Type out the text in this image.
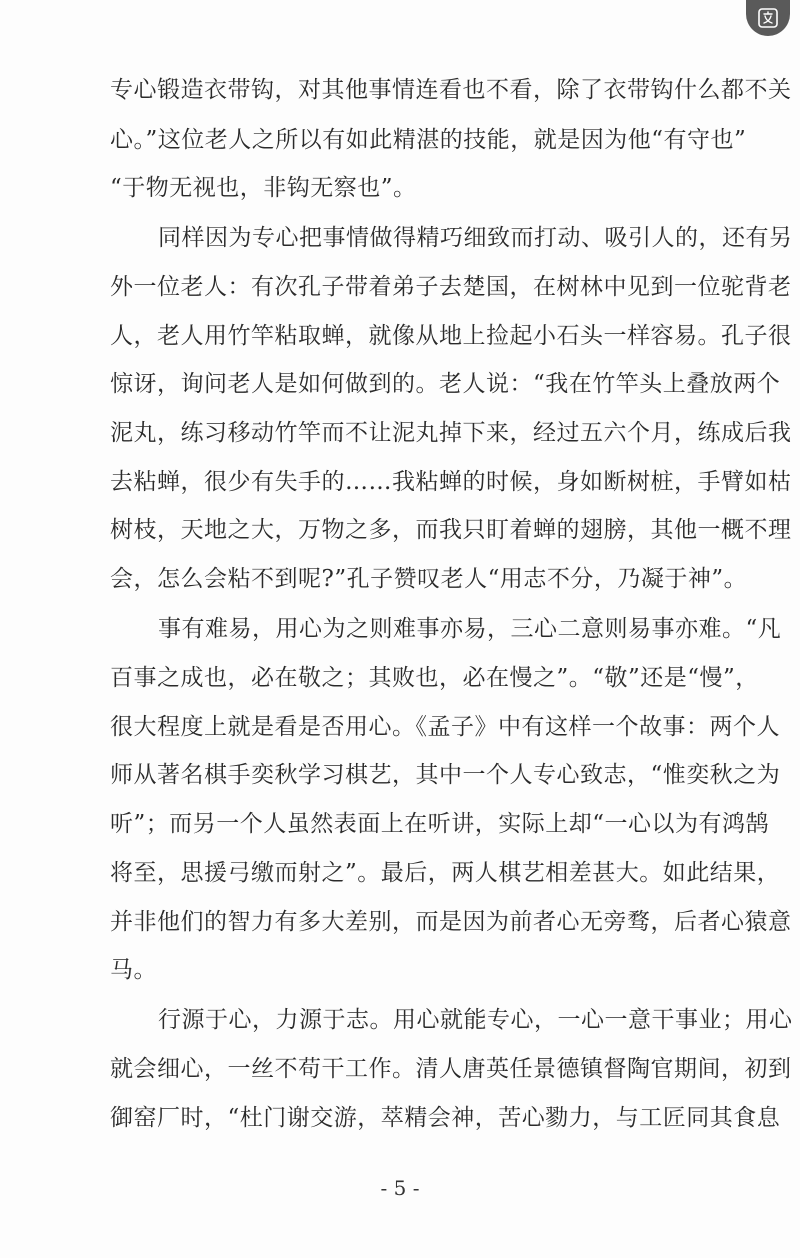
专心锻造衣带钩，对其他事情连看也不看，除了衣带钩什么都不关
心。”这位老人之所以有如此精湛的技能，就是因为他“有守也”
“于物无视也，非钩无察也”。
同样因为专心把事情做得精巧细致而打动、吸引人的，还有另
外一位老人：有次孔子带着弟子去楚国，在树林中见到一位驼背老
人，老人用竹竿粘取蝉，就像从地上捡起小石头一样容易。孔子很
惊讶，询问老人是如何做到的。老人说：“我在竹竿头上叠放两个
泥丸，练习移动竹竿而不让泥丸掉下来，经过五六个月，练成后我
去粘蝉，很少有失手的……我粘蝉的时候，身如断树桩，手臂如枯
树枝，天地之大，万物之多，而我只盯着蝉的翅膀，其他一概不理
会，怎么会粘不到呢?”孔子赞叹老人“用志不分，乃凝于神”。
事有难易，用心为之则难事亦易，三心二意则易事亦难。“凡
百事之成也，必在敬之；其败也，必在慢之”。“敬”还是“慢”，
很大程度上就是看是否用心。《孟子》中有这样一个故事：两个人
师从著名棋手奕秋学习棋艺，其中一个人专心致志，“惟奕秋之为
听”；而另一个人虽然表面上在听讲，实际上却“一心以为有鸿鹄
将至，思援弓缴而射之”。最后，两人棋艺相差甚大。如此结果，
并非他们的智力有多大差别，而是因为前者心无旁骛，后者心猿意
马。
行源于心，力源于志。用心就能专心，一心一意干事业；用心
就会细心，一丝不苟干工作。清人唐英任景德镇督陶官期间，初到
御窑厂时，“杜门谢交游，萃精会神，苦心勠力，与工匠同其食息
- 5 -
